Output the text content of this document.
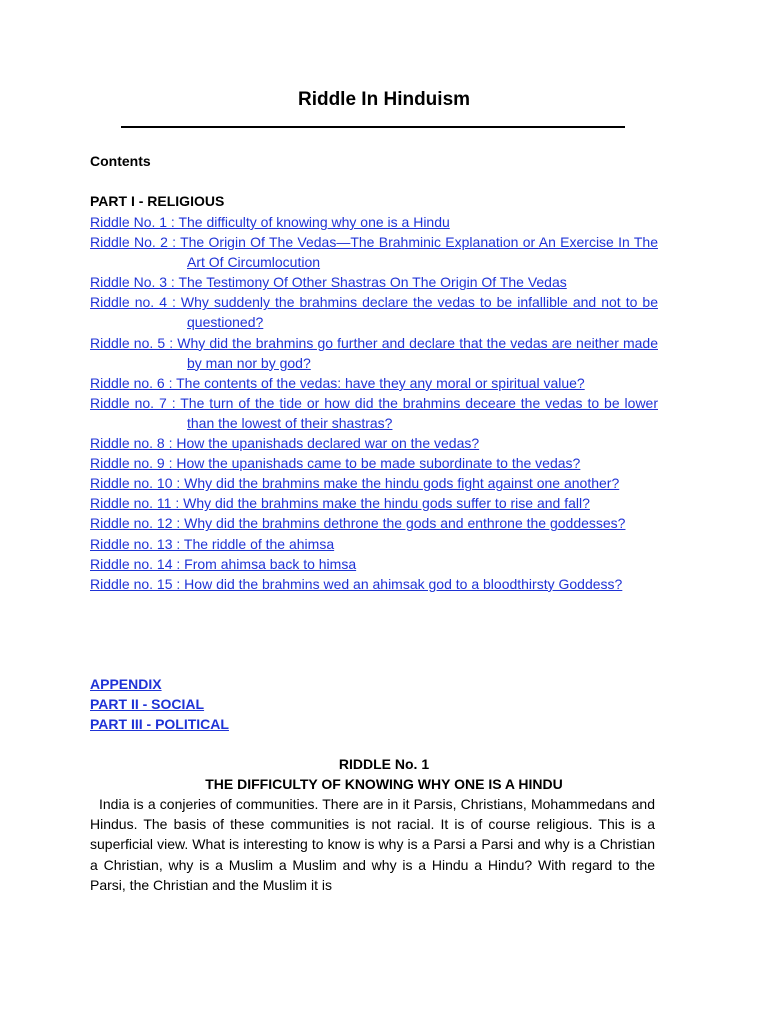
Riddle In Hinduism
Contents
PART I - RELIGIOUS
Riddle No. 1 : The difficulty of knowing why one is a Hindu
Riddle No. 2 : The Origin Of The Vedas—The Brahminic Explanation or An Exercise In The Art Of Circumlocution
Riddle No. 3 : The Testimony Of Other Shastras On The Origin Of The Vedas
Riddle no. 4 : Why suddenly the brahmins declare the vedas to be infallible and not to be questioned?
Riddle no. 5 : Why did the brahmins go further and declare that the vedas are neither made by man nor by god?
Riddle no. 6 : The contents of the vedas: have they any moral or spiritual value?
Riddle no. 7 : The turn of the tide or how did the brahmins deceare the vedas to be lower than the lowest of their shastras?
Riddle no. 8 : How the upanishads declared war on the vedas?
Riddle no. 9 : How the upanishads came to be made subordinate to the vedas?
Riddle no. 10 : Why did the brahmins make the hindu gods fight against one another?
Riddle no. 11 : Why did the brahmins make the hindu gods suffer to rise and fall?
Riddle no. 12 : Why did the brahmins dethrone the gods and enthrone the goddesses?
Riddle no. 13 : The riddle of the ahimsa
Riddle no. 14 : From ahimsa back to himsa
Riddle no. 15 : How did the brahmins wed an ahimsak god to a bloodthirsty Goddess?
APPENDIX
PART II - SOCIAL
PART III - POLITICAL
RIDDLE No. 1
THE DIFFICULTY OF KNOWING WHY ONE IS A HINDU

India is a conjeries of communities. There are in it Parsis, Christians, Mohammedans and Hindus. The basis of these communities is not racial. It is of course religious. This is a superficial view. What is interesting to know is why is a Parsi a Parsi and why is a Christian a Christian, why is a Muslim a Muslim and why is a Hindu a Hindu? With regard to the Parsi, the Christian and the Muslim it is
